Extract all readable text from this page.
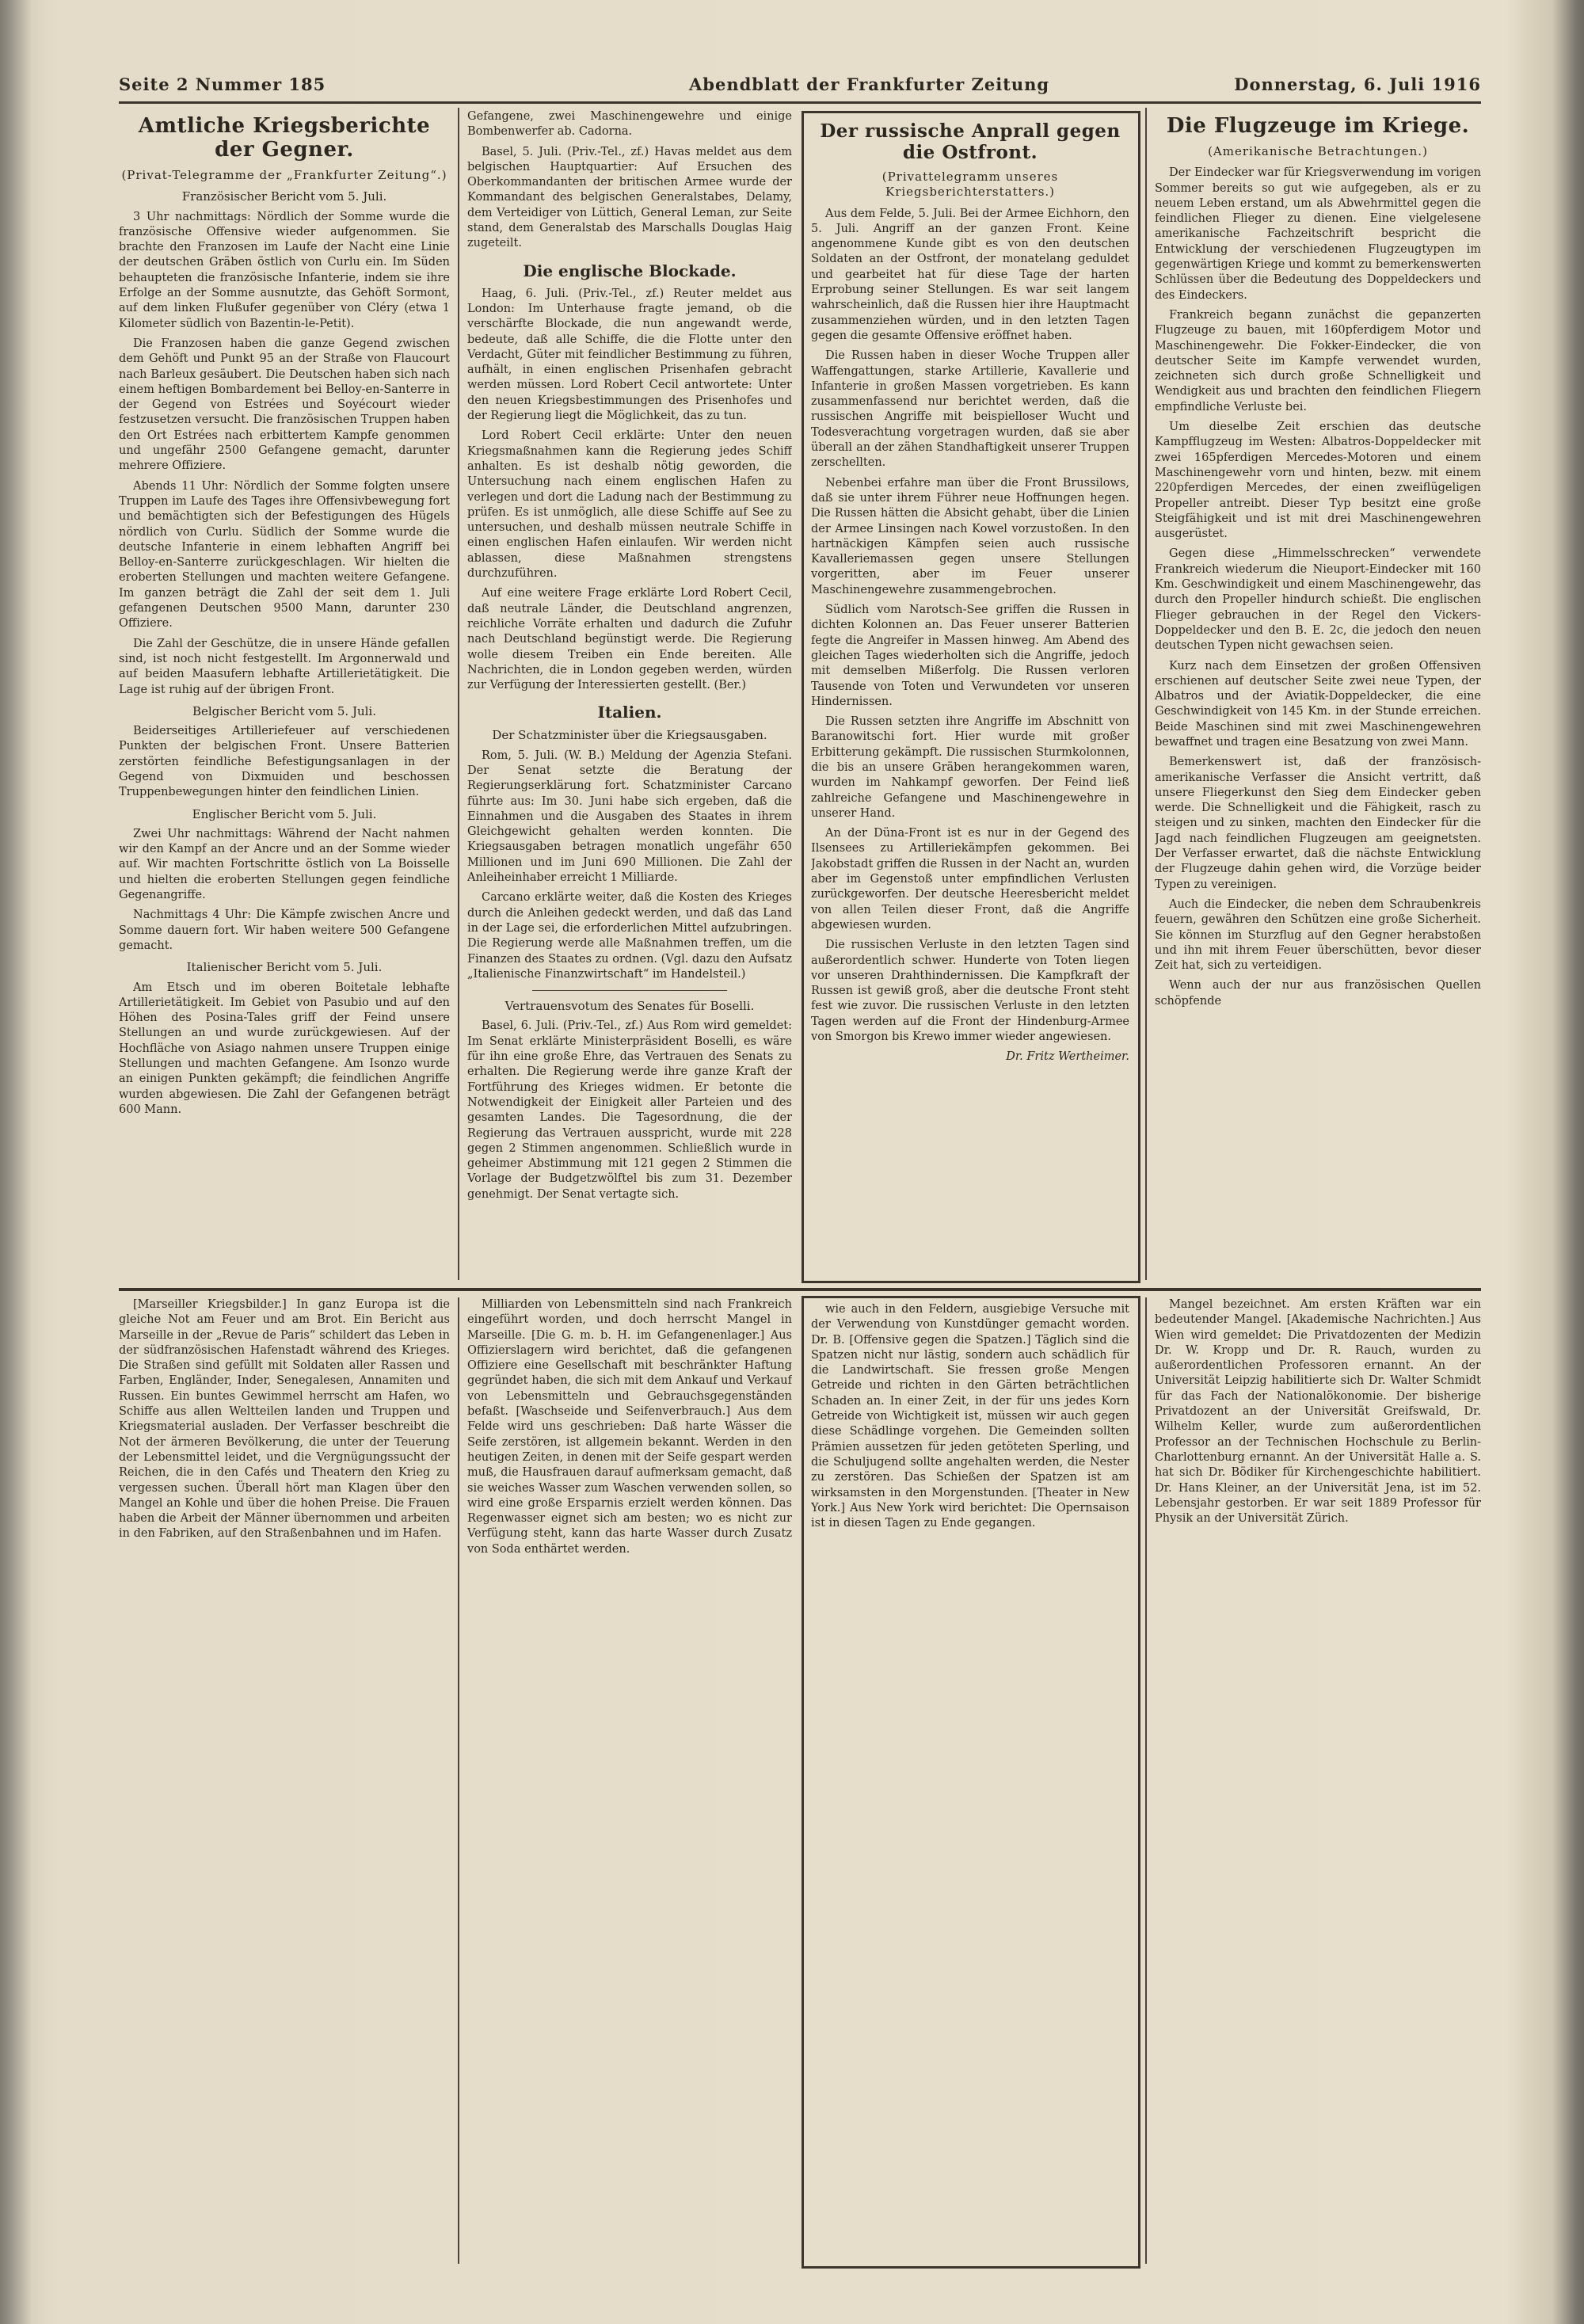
Seite 2 Nummer 185	Abendblatt der Frankfurter Zeitung	Donnerstag, 6. Juli 1916
Amtliche Kriegsberichte der Gegner.
(Privat-Telegramme der „Frankfurter Zeitung“.)
Französischer Bericht vom 5. Juli.

3 Uhr nachmittags: Nördlich der Somme wurde die französische Offensive wieder aufgenommen. Sie brachte den Franzosen im Laufe der Nacht eine Linie der deutschen Gräben östlich von Curlu ein. Im Süden behaupteten die französische Infanterie, indem sie ihre Erfolge an der Somme ausnutzte, das Gehöft Sormont, auf dem linken Flußufer gegenüber von Cléry (etwa 1 Kilometer südlich von Bazentin-le-Petit).

Die Franzosen haben die ganze Gegend zwischen dem Gehöft und Punkt 95 an der Straße von Flaucourt nach Barleux gesäubert. Die Deutschen haben sich nach einem heftigen Bombardement bei Belloy-en-Santerre in der Gegend von Estrées und Soyécourt wieder festzusetzen versucht. Die französischen Truppen haben den Ort Estrées nach erbittertem Kampfe genommen und ungefähr 2500 Gefangene gemacht, darunter mehrere Offiziere.

Abends 11 Uhr: Nördlich der Somme folgten unsere Truppen im Laufe des Tages ihre Offensivbewegung fort und bemächtigten sich der Befestigungen des Hügels nördlich von Curlu. Südlich der Somme wurde die deutsche Infanterie in einem lebhaften Angriff bei Belloy-en-Santerre zurückgeschlagen. Wir hielten die eroberten Stellungen und machten weitere Gefangene. Im ganzen beträgt die Zahl der seit dem 1. Juli gefangenen Deutschen 9500 Mann, darunter 230 Offiziere.

Die Zahl der Geschütze, die in unsere Hände gefallen sind, ist noch nicht festgestellt. Im Argonnerwald und auf beiden Maasufern lebhafte Artillerietätigkeit. Die Lage ist ruhig auf der übrigen Front.

Belgischer Bericht vom 5. Juli.

Beiderseitiges Artilleriefeuer auf verschiedenen Punkten der belgischen Front. Unsere Batterien zerstörten feindliche Befestigungsanlagen in der Gegend von Dixmuiden und beschossen Truppenbewegungen hinter den feindlichen Linien.

Englischer Bericht vom 5. Juli.

Zwei Uhr nachmittags: Während der Nacht nahmen wir den Kampf an der Ancre und an der Somme wieder auf. Wir machten Fortschritte östlich von La Boisselle und hielten die eroberten Stellungen gegen feindliche Gegenangriffe.

Nachmittags 4 Uhr: Die Kämpfe zwischen Ancre und Somme dauern fort. Wir haben weitere 500 Gefangene gemacht.

Italienischer Bericht vom 5. Juli.

Am Etsch und im oberen Boitetale lebhafte Artillerietätigkeit. Im Gebiet von Pasubio und auf den Höhen des Posina-Tales griff der Feind unsere Stellungen an und wurde zurückgewiesen. Auf der Hochfläche von Asiago nahmen unsere Truppen einige Stellungen und machten Gefangene. Am Isonzo wurde an einigen Punkten gekämpft; die feindlichen Angriffe wurden abgewiesen. Die Zahl der Gefangenen beträgt 600 Mann.

Gefangene, zwei Maschinengewehre und einige Bombenwerfer ab. Cadorna.

Basel, 5. Juli. (Priv.-Tel., zf.) Havas meldet aus dem belgischen Hauptquartier: Auf Ersuchen des Oberkommandanten der britischen Armee wurde der Kommandant des belgischen Generalstabes, Delamy, dem Verteidiger von Lüttich, General Leman, zur Seite stand, dem Generalstab des Marschalls Douglas Haig zugeteilt.

Die englische Blockade.

Haag, 6. Juli. (Priv.-Tel., zf.) Reuter meldet aus London: Im Unterhause fragte jemand, ob die verschärfte Blockade, die nun angewandt werde, bedeute, daß alle Schiffe, die die Flotte unter den Verdacht, Güter mit feindlicher Bestimmung zu führen, aufhält, in einen englischen Prisenhafen gebracht werden müssen. Lord Robert Cecil antwortete: Unter den neuen Kriegsbestimmungen des Prisenhofes und der Regierung liegt die Möglichkeit, das zu tun.

Lord Robert Cecil erklärte: Unter den neuen Kriegsmaßnahmen kann die Regierung jedes Schiff anhalten. Es ist deshalb nötig geworden, die Untersuchung nach einem englischen Hafen zu verlegen und dort die Ladung nach der Bestimmung zu prüfen. Es ist unmöglich, alle diese Schiffe auf See zu untersuchen, und deshalb müssen neutrale Schiffe in einen englischen Hafen einlaufen. Wir werden nicht ablassen, diese Maßnahmen strengstens durchzuführen.

Auf eine weitere Frage erklärte Lord Robert Cecil, daß neutrale Länder, die Deutschland angrenzen, reichliche Vorräte erhalten und dadurch die Zufuhr nach Deutschland begünstigt werde. Die Regierung wolle diesem Treiben ein Ende bereiten. Alle Nachrichten, die in London gegeben werden, würden zur Verfügung der Interessierten gestellt. (Ber.)

Italien.
Der Schatzminister über die Kriegsausgaben.

Rom, 5. Juli. (W. B.) Meldung der Agenzia Stefani. Der Senat setzte die Beratung der Regierungserklärung fort. Schatzminister Carcano führte aus: Im 30. Juni habe sich ergeben, daß die Einnahmen und die Ausgaben des Staates in ihrem Gleichgewicht gehalten werden konnten. Die Kriegsausgaben betragen monatlich ungefähr 650 Millionen und im Juni 690 Millionen. Die Zahl der Anleiheinhaber erreicht 1 Milliarde.

Carcano erklärte weiter, daß die Kosten des Krieges durch die Anleihen gedeckt werden, und daß das Land in der Lage sei, die erforderlichen Mittel aufzubringen. Die Regierung werde alle Maßnahmen treffen, um die Finanzen des Staates zu ordnen. (Vgl. dazu den Aufsatz „Italienische Finanzwirtschaft“ im Handelsteil.)

Vertrauensvotum des Senates für Boselli.

Basel, 6. Juli. (Priv.-Tel., zf.) Aus Rom wird gemeldet: Im Senat erklärte Ministerpräsident Boselli, es wäre für ihn eine große Ehre, das Vertrauen des Senats zu erhalten. Die Regierung werde ihre ganze Kraft der Fortführung des Krieges widmen. Er betonte die Notwendigkeit der Einigkeit aller Parteien und des gesamten Landes. Die Tagesordnung, die der Regierung das Vertrauen ausspricht, wurde mit 228 gegen 2 Stimmen angenommen. Schließlich wurde in geheimer Abstimmung mit 121 gegen 2 Stimmen die Vorlage der Budgetzwölftel bis zum 31. Dezember genehmigt. Der Senat vertagte sich.

Der russische Anprall gegen die Ostfront.
(Privattelegramm unseres Kriegsberichterstatters.)

Aus dem Felde, 5. Juli. Bei der Armee Eichhorn, den 5. Juli. Angriff an der ganzen Front. Keine angenommene Kunde gibt es von den deutschen Soldaten an der Ostfront, der monatelang geduldet und gearbeitet hat für diese Tage der harten Erprobung seiner Stellungen. Es war seit langem wahrscheinlich, daß die Russen hier ihre Hauptmacht zusammenziehen würden, und in den letzten Tagen gegen die gesamte Offensive eröffnet haben.

Die Russen haben in dieser Woche Truppen aller Waffengattungen, starke Artillerie, Kavallerie und Infanterie in großen Massen vorgetrieben. Es kann zusammenfassend nur berichtet werden, daß die russischen Angriffe mit beispielloser Wucht und Todesverachtung vorgetragen wurden, daß sie aber überall an der zähen Standhaftigkeit unserer Truppen zerschellten.

Nebenbei erfahre man über die Front Brussilows, daß sie unter ihrem Führer neue Hoffnungen hegen. Die Russen hätten die Absicht gehabt, über die Linien der Armee Linsingen nach Kowel vorzustoßen. In den hartnäckigen Kämpfen seien auch russische Kavalleriemassen gegen unsere Stellungen vorgeritten, aber im Feuer unserer Maschinengewehre zusammengebrochen.

Südlich vom Narotsch-See griffen die Russen in dichten Kolonnen an. Das Feuer unserer Batterien fegte die Angreifer in Massen hinweg. Am Abend des gleichen Tages wiederholten sich die Angriffe, jedoch mit demselben Mißerfolg. Die Russen verloren Tausende von Toten und Verwundeten vor unseren Hindernissen.

Die Russen setzten ihre Angriffe im Abschnitt von Baranowitschi fort. Hier wurde mit großer Erbitterung gekämpft. Die russischen Sturmkolonnen, die bis an unsere Gräben herangekommen waren, wurden im Nahkampf geworfen. Der Feind ließ zahlreiche Gefangene und Maschinengewehre in unserer Hand.

An der Düna-Front ist es nur in der Gegend des Ilsensees zu Artilleriekämpfen gekommen. Bei Jakobstadt griffen die Russen in der Nacht an, wurden aber im Gegenstoß unter empfindlichen Verlusten zurückgeworfen. Der deutsche Heeresbericht meldet von allen Teilen dieser Front, daß die Angriffe abgewiesen wurden.

Die russischen Verluste in den letzten Tagen sind außerordentlich schwer. Hunderte von Toten liegen vor unseren Drahthindernissen. Die Kampfkraft der Russen ist gewiß groß, aber die deutsche Front steht fest wie zuvor. Die russischen Verluste in den letzten Tagen werden auf die Front der Hindenburg-Armee von Smorgon bis Krewo immer wieder angewiesen.

Dr. Fritz Wertheimer.
Die Flugzeuge im Kriege.
(Amerikanische Betrachtungen.)

Der Eindecker war für Kriegsverwendung im vorigen Sommer bereits so gut wie aufgegeben, als er zu neuem Leben erstand, um als Abwehrmittel gegen die feindlichen Flieger zu dienen. Eine vielgelesene amerikanische Fachzeitschrift bespricht die Entwicklung der verschiedenen Flugzeugtypen im gegenwärtigen Kriege und kommt zu bemerkenswerten Schlüssen über die Bedeutung des Doppeldeckers und des Eindeckers.

Frankreich begann zunächst die gepanzerten Flugzeuge zu bauen, mit 160pferdigem Motor und Maschinengewehr. Die Fokker-Eindecker, die von deutscher Seite im Kampfe verwendet wurden, zeichneten sich durch große Schnelligkeit und Wendigkeit aus und brachten den feindlichen Fliegern empfindliche Verluste bei.

Um dieselbe Zeit erschien das deutsche Kampfflugzeug im Westen: Albatros-Doppeldecker mit zwei 165pferdigen Mercedes-Motoren und einem Maschinengewehr vorn und hinten, bezw. mit einem 220pferdigen Mercedes, der einen zweiflügeligen Propeller antreibt. Dieser Typ besitzt eine große Steigfähigkeit und ist mit drei Maschinengewehren ausgerüstet.

Gegen diese „Himmelsschrecken“ verwendete Frankreich wiederum die Nieuport-Eindecker mit 160 Km. Geschwindigkeit und einem Maschinengewehr, das durch den Propeller hindurch schießt. Die englischen Flieger gebrauchen in der Regel den Vickers-Doppeldecker und den B. E. 2c, die jedoch den neuen deutschen Typen nicht gewachsen seien.

Kurz nach dem Einsetzen der großen Offensiven erschienen auf deutscher Seite zwei neue Typen, der Albatros und der Aviatik-Doppeldecker, die eine Geschwindigkeit von 145 Km. in der Stunde erreichen. Beide Maschinen sind mit zwei Maschinengewehren bewaffnet und tragen eine Besatzung von zwei Mann.

Bemerkenswert ist, daß der französisch-amerikanische Verfasser die Ansicht vertritt, daß unsere Fliegerkunst den Sieg dem Eindecker geben werde. Die Schnelligkeit und die Fähigkeit, rasch zu steigen und zu sinken, machten den Eindecker für die Jagd nach feindlichen Flugzeugen am geeignetsten. Der Verfasser erwartet, daß die nächste Entwicklung der Flugzeuge dahin gehen wird, die Vorzüge beider Typen zu vereinigen.

Auch die Eindecker, die neben dem Schraubenkreis feuern, gewähren den Schützen eine große Sicherheit. Sie können im Sturzflug auf den Gegner herabstoßen und ihn mit ihrem Feuer überschütten, bevor dieser Zeit hat, sich zu verteidigen.

Wenn auch der nur aus französischen Quellen schöpfende

[Marseiller Kriegsbilder.] In ganz Europa ist die gleiche Not am Feuer und am Brot. Ein Bericht aus Marseille in der „Revue de Paris“ schildert das Leben in der südfranzösischen Hafenstadt während des Krieges. Die Straßen sind gefüllt mit Soldaten aller Rassen und Farben, Engländer, Inder, Senegalesen, Annamiten und Russen. Ein buntes Gewimmel herrscht am Hafen, wo Schiffe aus allen Weltteilen landen und Truppen und Kriegsmaterial ausladen. Der Verfasser beschreibt die Not der ärmeren Bevölkerung, die unter der Teuerung der Lebensmittel leidet, und die Vergnügungssucht der Reichen, die in den Cafés und Theatern den Krieg zu vergessen suchen. Überall hört man Klagen über den Mangel an Kohle und über die hohen Preise. Die Frauen haben die Arbeit der Männer übernommen und arbeiten in den Fabriken, auf den Straßenbahnen und im Hafen.

Milliarden von Lebensmitteln sind nach Frankreich eingeführt worden, und doch herrscht Mangel in Marseille. [Die G. m. b. H. im Gefangenenlager.] Aus Offizierslagern wird berichtet, daß die gefangenen Offiziere eine Gesellschaft mit beschränkter Haftung gegründet haben, die sich mit dem Ankauf und Verkauf von Lebensmitteln und Gebrauchsgegenständen befaßt. [Waschseide und Seifenverbrauch.] Aus dem Felde wird uns geschrieben: Daß harte Wässer die Seife zerstören, ist allgemein bekannt. Werden in den heutigen Zeiten, in denen mit der Seife gespart werden muß, die Hausfrauen darauf aufmerksam gemacht, daß sie weiches Wasser zum Waschen verwenden sollen, so wird eine große Ersparnis erzielt werden können. Das Regenwasser eignet sich am besten; wo es nicht zur Verfügung steht, kann das harte Wasser durch Zusatz von Soda enthärtet werden.

wie auch in den Feldern, ausgiebige Versuche mit der Verwendung von Kunstdünger gemacht worden. Dr. B. [Offensive gegen die Spatzen.] Täglich sind die Spatzen nicht nur lästig, sondern auch schädlich für die Landwirtschaft. Sie fressen große Mengen Getreide und richten in den Gärten beträchtlichen Schaden an. In einer Zeit, in der für uns jedes Korn Getreide von Wichtigkeit ist, müssen wir auch gegen diese Schädlinge vorgehen. Die Gemeinden sollten Prämien aussetzen für jeden getöteten Sperling, und die Schuljugend sollte angehalten werden, die Nester zu zerstören. Das Schießen der Spatzen ist am wirksamsten in den Morgenstunden. [Theater in New York.] Aus New York wird berichtet: Die Opernsaison ist in diesen Tagen zu Ende gegangen.

Mangel bezeichnet. Am ersten Kräften war ein bedeutender Mangel. [Akademische Nachrichten.] Aus Wien wird gemeldet: Die Privatdozenten der Medizin Dr. W. Kropp und Dr. R. Rauch, wurden zu außerordentlichen Professoren ernannt. An der Universität Leipzig habilitierte sich Dr. Walter Schmidt für das Fach der Nationalökonomie. Der bisherige Privatdozent an der Universität Greifswald, Dr. Wilhelm Keller, wurde zum außerordentlichen Professor an der Technischen Hochschule zu Berlin-Charlottenburg ernannt. An der Universität Halle a. S. hat sich Dr. Bödiker für Kirchengeschichte habilitiert. Dr. Hans Kleiner, an der Universität Jena, ist im 52. Lebensjahr gestorben. Er war seit 1889 Professor für Physik an der Universität Zürich.
